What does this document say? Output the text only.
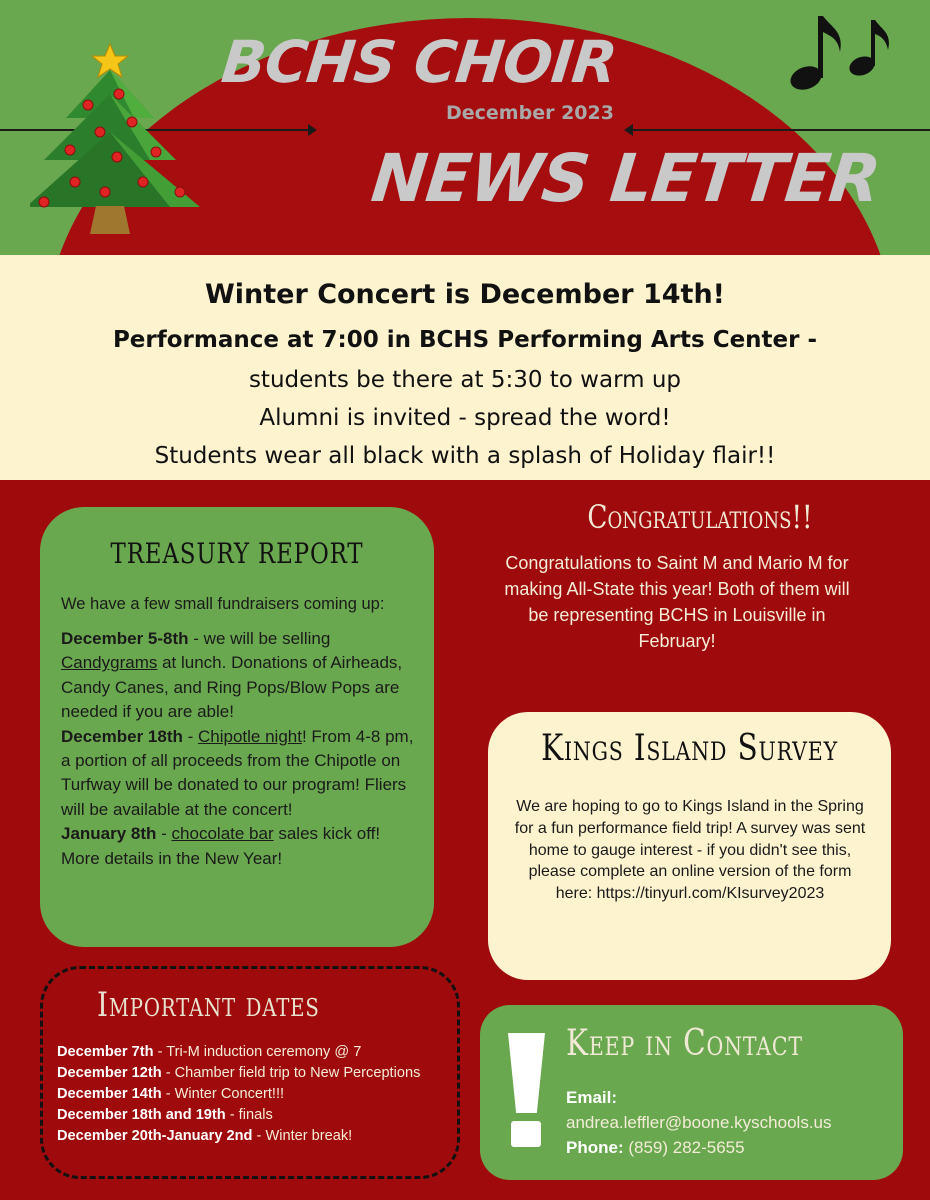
BCHS CHOIR
December 2023
NEWS LETTER
Winter Concert is December 14th!
Performance at 7:00 in BCHS Performing Arts Center -
students be there at 5:30 to warm up
Alumni is invited - spread the word!
Students wear all black with a splash of Holiday flair!!
TREASURY REPORT
We have a few small fundraisers coming up:

December 5-8th - we will be selling Candygrams at lunch. Donations of Airheads, Candy Canes, and Ring Pops/Blow Pops are needed if you are able!

December 18th - Chipotle night! From 4-8 pm, a portion of all proceeds from the Chipotle on Turfway will be donated to our program! Fliers will be available at the concert!

January 8th - chocolate bar sales kick off! More details in the New Year!

Important dates
December 7th - Tri-M induction ceremony @ 7
December 12th - Chamber field trip to New Perceptions
December 14th - Winter Concert!!!
December 18th and 19th - finals
December 20th-January 2nd - Winter break!
Congratulations!!
Congratulations to Saint M and Mario M for making All-State this year! Both of them will be representing BCHS in Louisville in February!
Kings Island Survey
We are hoping to go to Kings Island in the Spring for a fun performance field trip! A survey was sent home to gauge interest - if you didn't see this, please complete an online version of the form here: https://tinyurl.com/KIsurvey2023
Keep in Contact
Email:
andrea.leffler@boone.kyschools.us
Phone: (859) 282-5655
